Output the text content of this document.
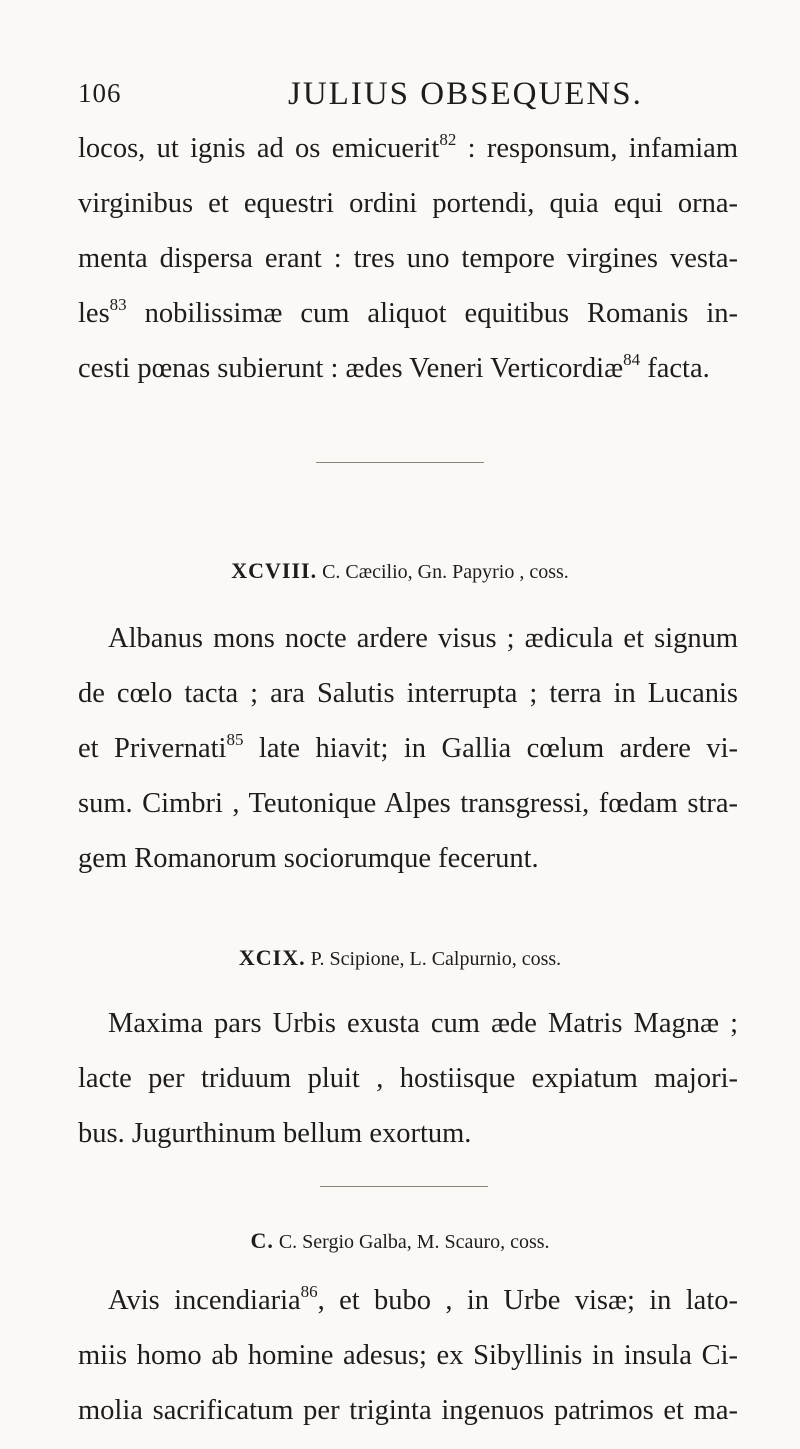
106	JULIUS OBSEQUENS.
locos, ut ignis ad os emicuerit$^{82}$ : responsum, infamiam
virginibus et equestri ordini portendi, quia equi orna-
menta dispersa erant : tres uno tempore virgines vesta-
les$^{83}$ nobilissimæ cum aliquot equitibus Romanis in-
cesti pœnas subierunt : ædes Veneri Verticordiæ$^{84}$ facta.
XCVIII. C. Cæcilio, Gn. Papyrio , coss.
Albanus mons nocte ardere visus ; ædicula et signum
de cœlo tacta ; ara Salutis interrupta ; terra in Lucanis
et Privernati$^{85}$ late hiavit; in Gallia cœlum ardere vi-
sum. Cimbri , Teutonique Alpes transgressi, fœdam stra-
gem Romanorum sociorumque fecerunt.
XCIX. P. Scipione, L. Calpurnio, coss.
Maxima pars Urbis exusta cum æde Matris Magnæ ;
lacte per triduum pluit , hostiisque expiatum majori-
bus. Jugurthinum bellum exortum.
C. C. Sergio Galba, M. Scauro, coss.
Avis incendiaria$^{86}$, et bubo , in Urbe visæ; in lato-
miis homo ab homine adesus; ex Sibyllinis in insula Ci-
molia sacrificatum per triginta ingenuos patrimos et ma-
